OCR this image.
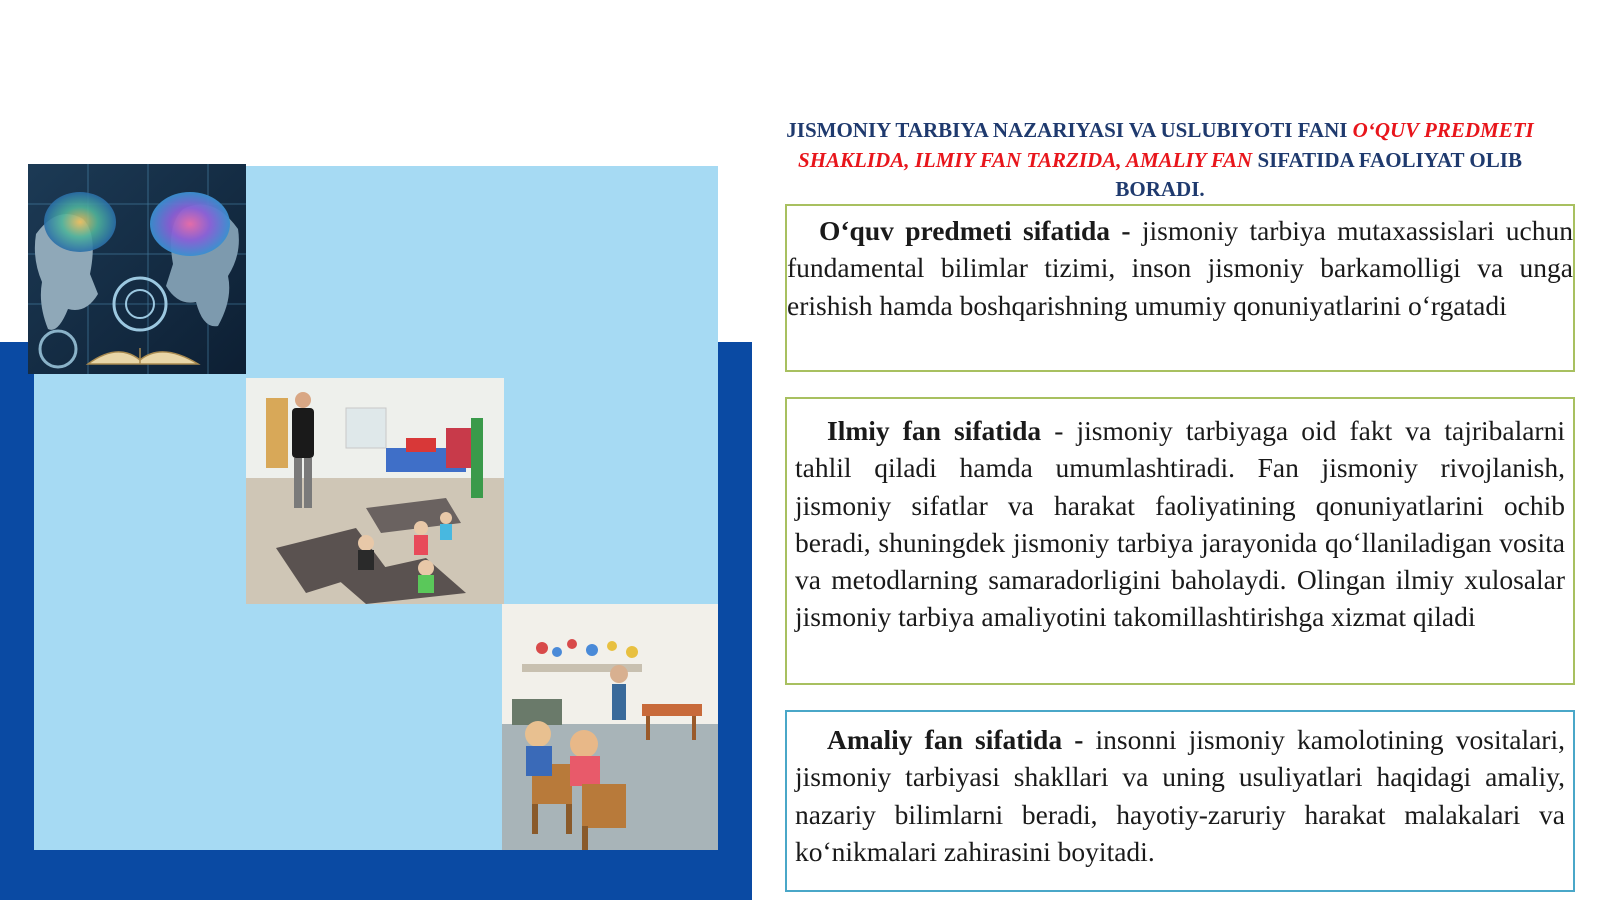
JISMONIY TARBIYA NAZARIYASI VA USLUBIYOTI FANI O‘QUV PREDMETI SHAKLIDA, ILMIY FAN TARZIDA, AMALIY FAN SIFATIDA FAOLIYAT OLIB BORADI.

O‘quv predmeti sifatida - jismoniy tarbiya mutaxassislari uchun fundamental bilimlar tizimi, inson jismoniy barkamolligi va unga erishish hamda boshqarishning umumiy qonuniyatlarini o‘rgatadi

Ilmiy fan sifatida - jismoniy tarbiyaga oid fakt va tajribalarni tahlil qiladi hamda umumlashtiradi. Fan jismoniy rivojlanish, jismoniy sifatlar va harakat faoliyatining qonuniyatlarini ochib beradi, shuningdek jismoniy tarbiya jarayonida qo‘llaniladigan vosita va metodlarning samaradorligini baholaydi. Olingan ilmiy xulosalar jismoniy tarbiya amaliyotini takomillashtirishga xizmat qiladi

Amaliy fan sifatida - insonni jismoniy kamolotining vositalari, jismoniy tarbiyasi shakllari va uning usuliyatlari haqidagi amaliy, nazariy bilimlarni beradi, hayotiy-zaruriy harakat malakalari va ko‘nikmalari zahirasini boyitadi.
